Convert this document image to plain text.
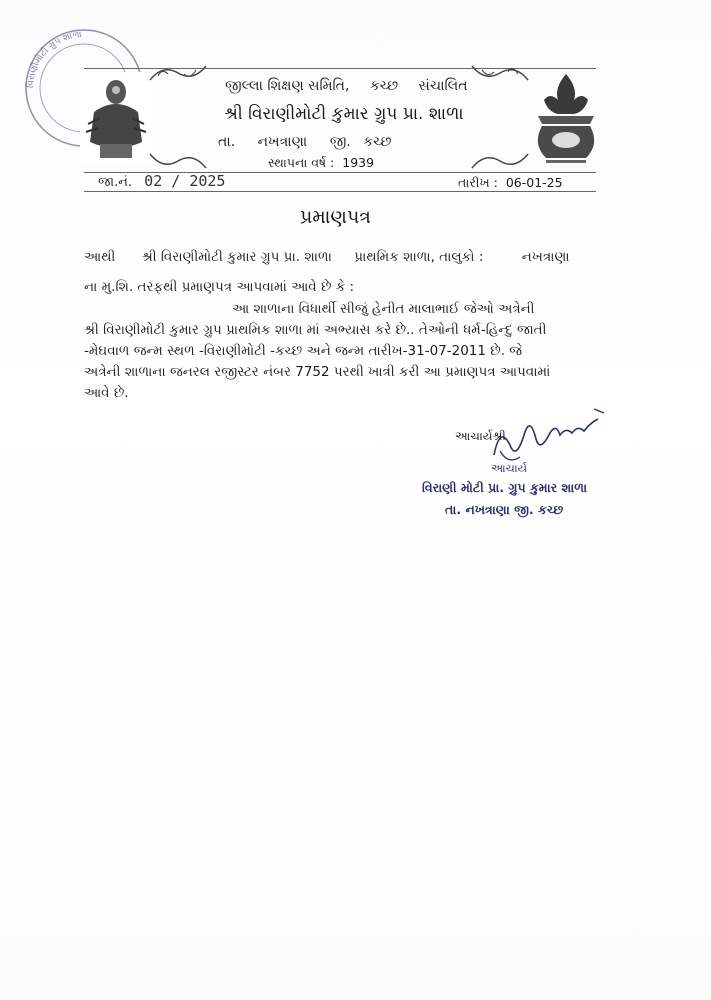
વિરાણીમોટી ગ્રુપ શાળા
જીલ્લા શિક્ષણ સમિતિ, કચ્છ સંચાલિત
શ્રી વિરાણીમોટી કુમાર ગ્રુપ પ્રા. શાળા
તા. નખત્રાણા જી. કચ્છ
સ્થાપના વર્ષ : 1939
જા.નં. 02 / 2025	તારીખ : 06-01-25
પ્રમાણપત્ર
આથી શ્રી વિરાણીમોટી કુમાર ગ્રુપ પ્રા. શાળા પ્રાથમિક શાળા, તાલુકો :	નખત્રાણા
ના મુ.શિ. તરફથી પ્રમાણપત્ર આપવામાં આવે છે કે :
આ શાળાના વિધાર્થી સીજું હેનીત માલાભાઈ જેઓ અત્રેની
શ્રી વિરાણીમોટી કુમાર ગ્રુપ પ્રાથમિક શાળા માં અભ્યાસ કરે છે.. તેઓની ધર્મ-હિન્દુ જાતી
-મેઘવાળ જન્મ સ્થળ -વિરાણીમોટી -કચ્છ અને જન્મ તારીખ-31-07-2011 છે. જે
અત્રેની શાળાના જનરલ રજીસ્ટર નંબર 7752 પરથી ખાત્રી કરી આ પ્રમાણપત્ર આપવામાં
આવે છે.
આચાર્યશ્રી
આચાર્ય
વિરાણી મોટી પ્રા. ગ્રુપ કુમાર શાળા
તા. નખત્રાણા જી. કચ્છ
